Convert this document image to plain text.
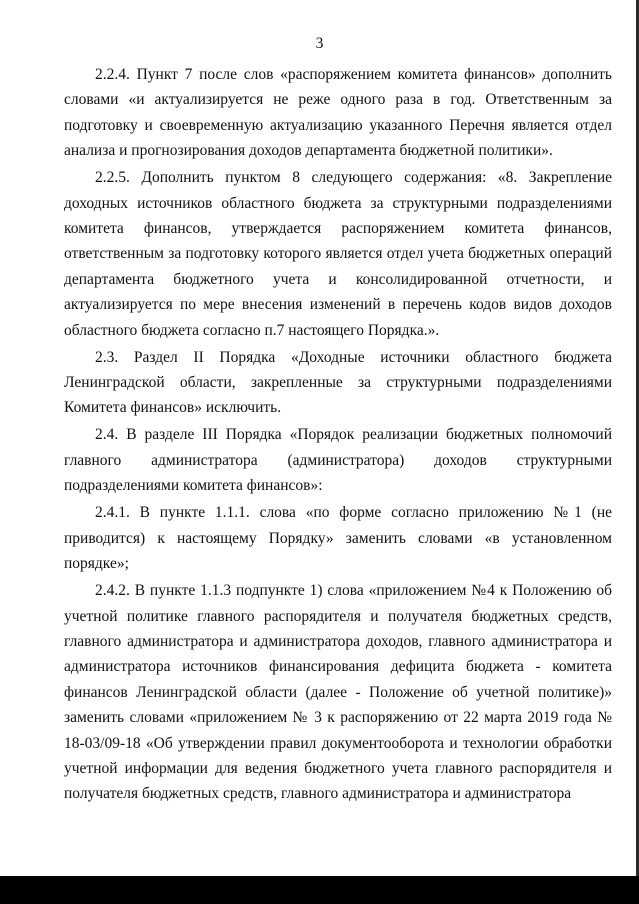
3

2.2.4. Пункт 7 после слов «распоряжением комитета финансов» дополнить словами «и актуализируется не реже одного раза в год. Ответственным за подготовку и своевременную актуализацию указанного Перечня является отдел анализа и прогнозирования доходов департамента бюджетной политики».

2.2.5. Дополнить пунктом 8 следующего содержания: «8. Закрепление доходных источников областного бюджета за структурными подразделениями комитета финансов, утверждается распоряжением комитета финансов, ответственным за подготовку которого является отдел учета бюджетных операций департамента бюджетного учета и консолидированной отчетности, и актуализируется по мере внесения изменений в перечень кодов видов доходов областного бюджета согласно п.7 настоящего Порядка.».

2.3. Раздел II Порядка «Доходные источники областного бюджета Ленинградской области, закрепленные за структурными подразделениями Комитета финансов» исключить.

2.4. В разделе III Порядка «Порядок реализации бюджетных полномочий главного администратора (администратора) доходов структурными подразделениями комитета финансов»:

2.4.1. В пункте 1.1.1. слова «по форме согласно приложению №1 (не приводится) к настоящему Порядку» заменить словами «в установленном порядке»;

2.4.2. В пункте 1.1.3 подпункте 1) слова «приложением №4 к Положению об учетной политике главного распорядителя и получателя бюджетных средств, главного администратора и администратора доходов, главного администратора и администратора источников финансирования дефицита бюджета - комитета финансов Ленинградской области (далее - Положение об учетной политике)» заменить словами «приложением № 3 к распоряжению от 22 марта 2019 года № 18-03/09-18 «Об утверждении правил документооборота и технологии обработки учетной информации для ведения бюджетного учета главного распорядителя и получателя бюджетных средств, главного администратора и администратора
